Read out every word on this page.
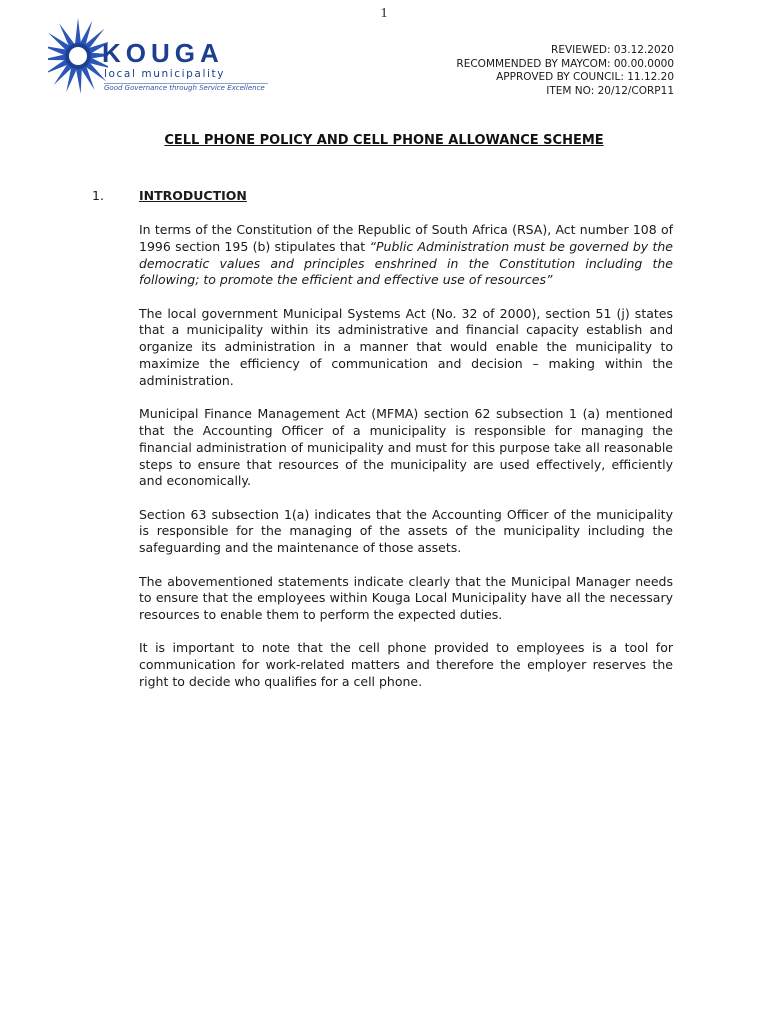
1
KOUGA
local municipality
Good Governance through Service Excellence
REVIEWED: 03.12.2020
RECOMMENDED BY MAYCOM: 00.00.0000
APPROVED BY COUNCIL: 11.12.20
ITEM NO: 20/12/CORP11
CELL PHONE POLICY AND CELL PHONE ALLOWANCE SCHEME
1.	INTRODUCTION

In terms of the Constitution of the Republic of South Africa (RSA), Act number 108 of 1996 section 195 (b) stipulates that “Public Administration must be governed by the democratic values and principles enshrined in the Constitution including the following; to promote the efficient and effective use of resources”

The local government Municipal Systems Act (No. 32 of 2000), section 51 (j) states that a municipality within its administrative and financial capacity establish and organize its administration in a manner that would enable the municipality to maximize the efficiency of communication and decision – making within the administration.

Municipal Finance Management Act (MFMA) section 62 subsection 1 (a) mentioned that the Accounting Officer of a municipality is responsible for managing the financial administration of municipality and must for this purpose take all reasonable steps to ensure that resources of the municipality are used effectively, efficiently and economically.

Section 63 subsection 1(a) indicates that the Accounting Officer of the municipality is responsible for the managing of the assets of the municipality including the safeguarding and the maintenance of those assets.

The abovementioned statements indicate clearly that the Municipal Manager needs to ensure that the employees within Kouga Local Municipality have all the necessary resources to enable them to perform the expected duties.

It is important to note that the cell phone provided to employees is a tool for communication for work-related matters and therefore the employer reserves the right to decide who qualifies for a cell phone.
